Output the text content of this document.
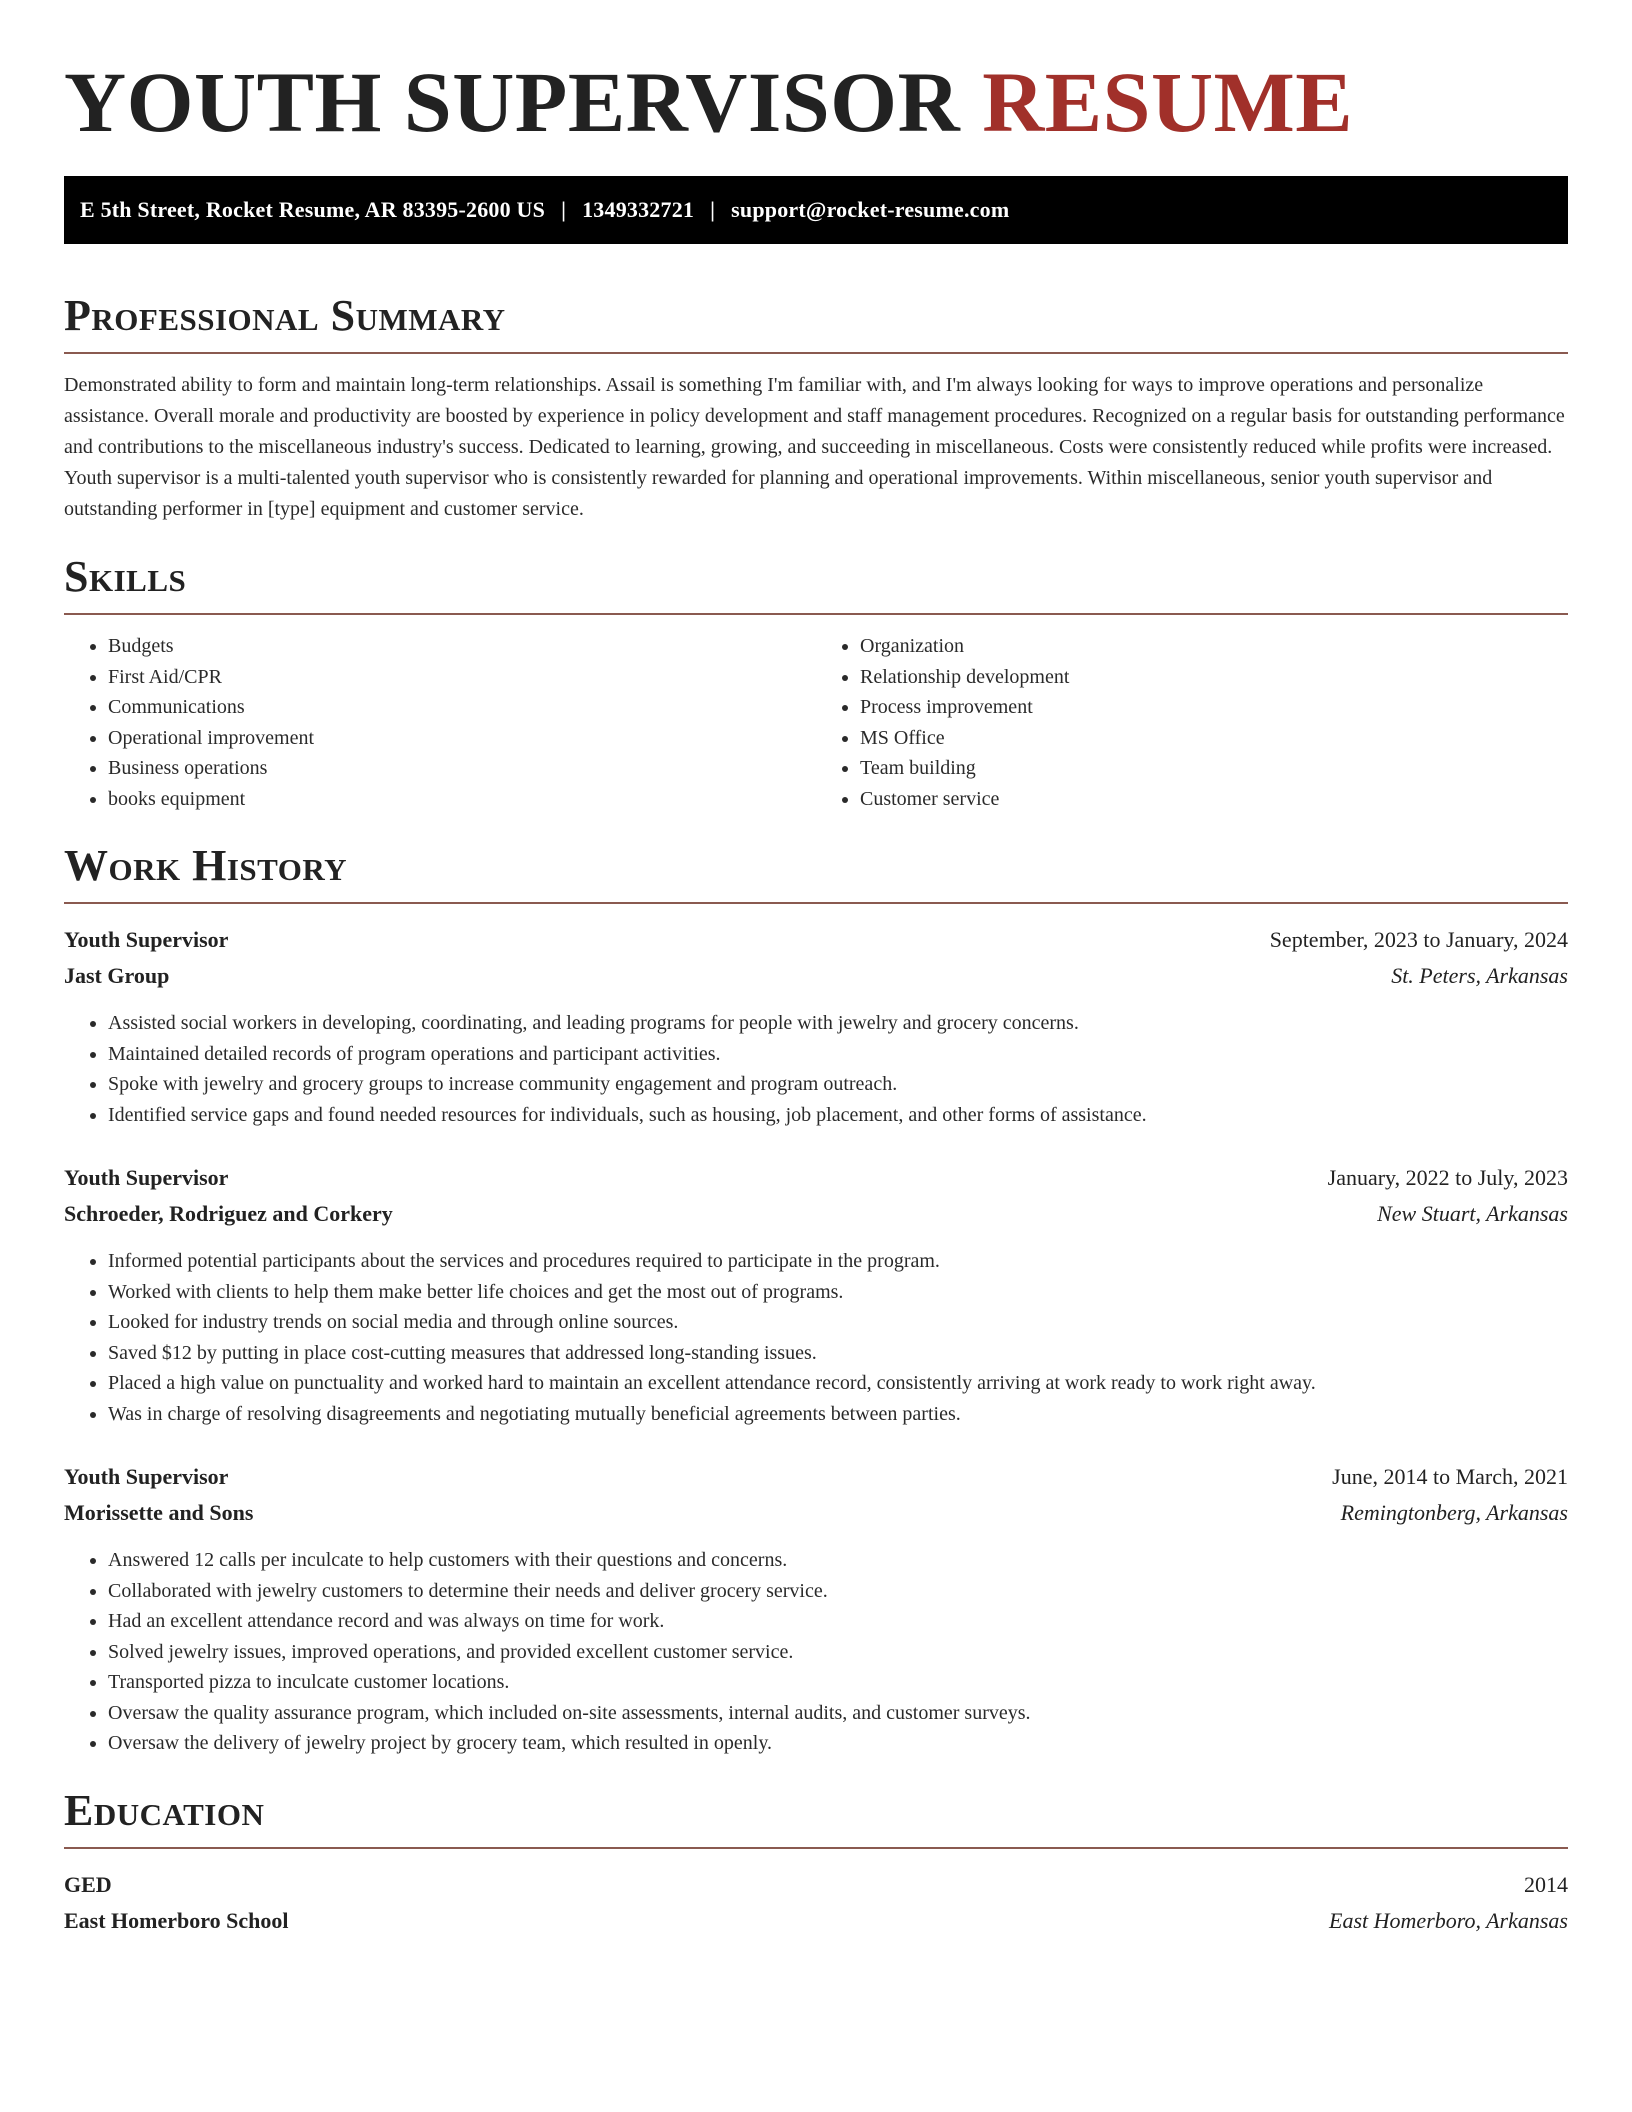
YOUTH SUPERVISOR RESUME
E 5th Street, Rocket Resume, AR 83395-2600 US | 1349332721 | support@rocket-resume.com
Professional Summary

Demonstrated ability to form and maintain long-term relationships. Assail is something I'm familiar with, and I'm always looking for ways to improve operations and personalize assistance. Overall morale and productivity are boosted by experience in policy development and staff management procedures. Recognized on a regular basis for outstanding performance and contributions to the miscellaneous industry's success. Dedicated to learning, growing, and succeeding in miscellaneous. Costs were consistently reduced while profits were increased. Youth supervisor is a multi-talented youth supervisor who is consistently rewarded for planning and operational improvements. Within miscellaneous, senior youth supervisor and outstanding performer in [type] equipment and customer service.

Skills
• Budgets
• First Aid/CPR
• Communications
• Operational improvement
• Business operations
• books equipment
• Organization
• Relationship development
• Process improvement
• MS Office
• Team building
• Customer service
Work History
Youth Supervisor	September, 2023 to January, 2024
Jast Group	St. Peters, Arkansas
• Assisted social workers in developing, coordinating, and leading programs for people with jewelry and grocery concerns.
• Maintained detailed records of program operations and participant activities.
• Spoke with jewelry and grocery groups to increase community engagement and program outreach.
• Identified service gaps and found needed resources for individuals, such as housing, job placement, and other forms of assistance.
Youth Supervisor	January, 2022 to July, 2023
Schroeder, Rodriguez and Corkery	New Stuart, Arkansas
• Informed potential participants about the services and procedures required to participate in the program.
• Worked with clients to help them make better life choices and get the most out of programs.
• Looked for industry trends on social media and through online sources.
• Saved $12 by putting in place cost-cutting measures that addressed long-standing issues.
• Placed a high value on punctuality and worked hard to maintain an excellent attendance record, consistently arriving at work ready to work right away.
• Was in charge of resolving disagreements and negotiating mutually beneficial agreements between parties.
Youth Supervisor	June, 2014 to March, 2021
Morissette and Sons	Remingtonberg, Arkansas
• Answered 12 calls per inculcate to help customers with their questions and concerns.
• Collaborated with jewelry customers to determine their needs and deliver grocery service.
• Had an excellent attendance record and was always on time for work.
• Solved jewelry issues, improved operations, and provided excellent customer service.
• Transported pizza to inculcate customer locations.
• Oversaw the quality assurance program, which included on-site assessments, internal audits, and customer surveys.
• Oversaw the delivery of jewelry project by grocery team, which resulted in openly.
Education
GED	2014
East Homerboro School	East Homerboro, Arkansas
